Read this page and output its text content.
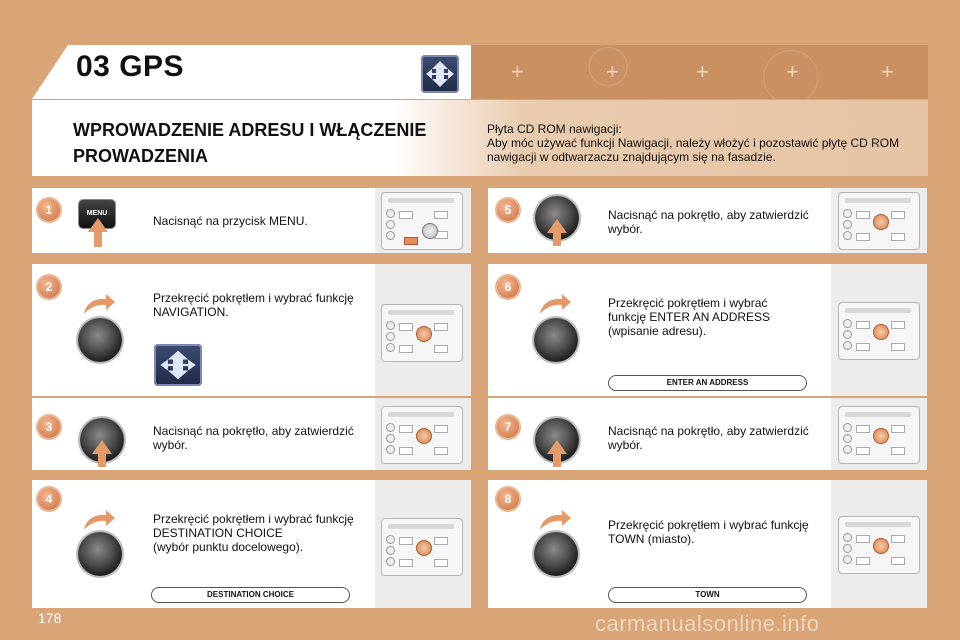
03 GPS	+	+	+	+	+
WPROWADZENIE ADRESU I WŁĄCZENIE PROWADZENIA
Płyta CD ROM nawigacji:
Aby móc używać funkcji Nawigacji, należy włożyć i pozostawić płytę CD ROM nawigacji w odtwarzaczu znajdującym się na fasadzie.
1	MENU
Nacisnąć na przycisk MENU.
2
Przekręcić pokrętłem i wybrać funkcję NAVIGATION.
3	Nacisnąć na pokrętło, aby zatwierdzić wybór.
4
Przekręcić pokrętłem i wybrać funkcję DESTINATION CHOICE
(wybór punktu docelowego).
DESTINATION CHOICE
5	Nacisnąć na pokrętło, aby zatwierdzić wybór.
6
Przekręcić pokrętłem i wybrać funkcję ENTER AN ADDRESS (wpisanie adresu).
ENTER AN ADDRESS
7	Nacisnąć na pokrętło, aby zatwierdzić wybór.
8
Przekręcić pokrętłem i wybrać funkcję TOWN (miasto).
TOWN
178	carmanualsonline.info
